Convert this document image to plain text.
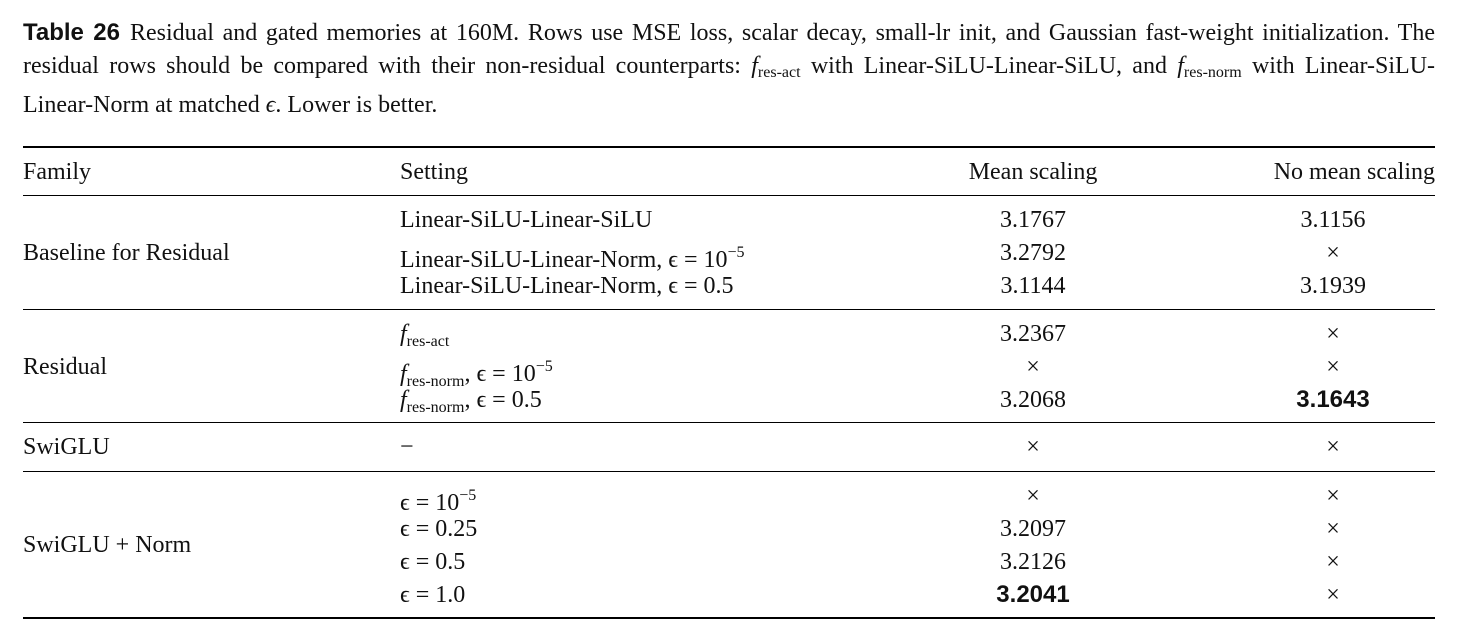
Table 26 Residual and gated memories at 160M. Rows use MSE loss, scalar decay, small-lr init, and Gaussian fast-weight initialization. The residual rows should be compared with their non-residual counterparts: $f_{res-act}$ with Linear-SiLU-Linear-SiLU, and $f_{res-norm}$ with Linear-SiLU-Linear-Norm at matched ϵ. Lower is better.
Family	Setting	Mean scaling	No mean scaling
Baseline for Residual
Linear-SiLU-Linear-SiLU	3.1767	3.1156
Linear-SiLU-Linear-Norm, $\epsilon = 10^{-5}$	3.2792	×
Linear-SiLU-Linear-Norm, ϵ = 0.5	3.1144	3.1939
Residual
$f_{res-act}$	3.2367	×
$f_{res-norm}$, $\epsilon = 10^{-5}$	×	×
$f_{res-norm}$, ϵ = 0.5	3.2068	3.1643
SwiGLU	−	×	×
SwiGLU + Norm
$\epsilon = 10^{-5}$	×	×
ϵ = 0.25	3.2097	×
ϵ = 0.5	3.2126	×
ϵ = 1.0	3.2041	×
